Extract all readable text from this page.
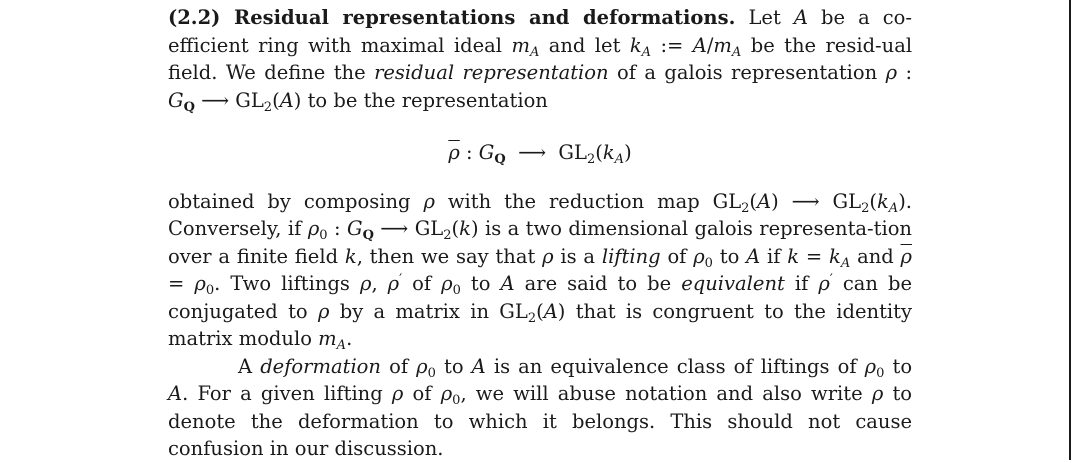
(2.2) Residual representations and deformations. Let A be a co-efficient ring with maximal ideal $m_A$ and let $k_A$ := $A/m_A$ be the resid-ual field. We define the residual representation of a galois representation ρ : $G_Q$ ⟶ $GL_2(A)$ to be the representation

$\overline{\rho}$ : $G_Q$  ⟶  $GL_2(k_A)$

obtained by composing ρ with the reduction map $GL_2(A)$ ⟶ $GL_2(k_A)$. Conversely, if $\rho_0$ : $G_Q$ ⟶ $GL_2(k)$ is a two dimensional galois representa-tion over a finite field k, then we say that ρ is a lifting of $\rho_0$ to A if $k = k_A$ and $\overline{\rho} = \rho_0$. Two liftings ρ, ρ′ of $\rho_0$ to A are said to be equivalent if ρ′ can be conjugated to ρ by a matrix in $GL_2(A)$ that is congruent to the identity matrix modulo $m_A$.

A deformation of $\rho_0$ to A is an equivalence class of liftings of $\rho_0$ to A. For a given lifting ρ of $\rho_0$, we will abuse notation and also write ρ to denote the deformation to which it belongs. This should not cause confusion in our discussion.
